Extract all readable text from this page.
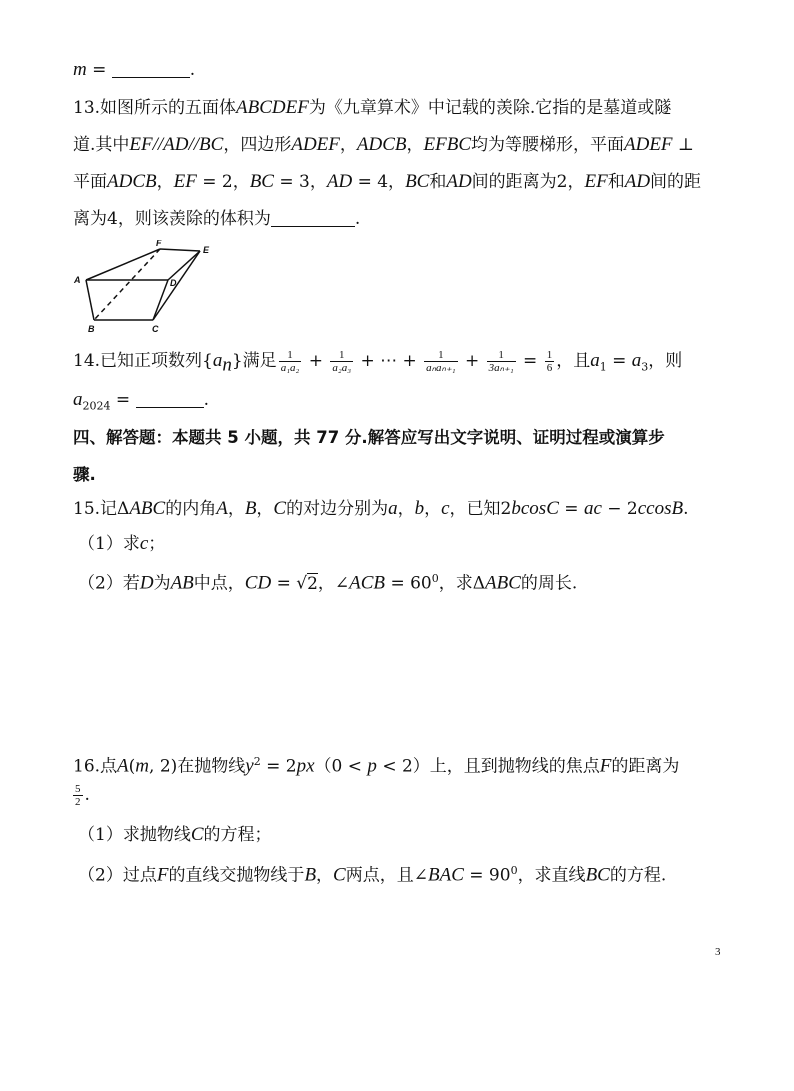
m =	.
13.如图所示的五面体ABCDEF为《九章算术》中记载的羡除.它指的是墓道或隧
道.其中EF//AD//BC，四边形ADEF，ADCB，EFBC均为等腰梯形，平面ADEF ⊥
平面ADCB，EF = 2，BC = 3，AD = 4，BC和AD间的距离为2，EF和AD间的距
离为4，则该羡除的体积为	.
F
E
A	D
B	C
14.已知正项数列$\{a_n\}$满足 $\frac{1}{\text{a₁a₂}} + \frac{1}{\text{a₂a₃}}$ + ⋯ + $\frac{1}{\text{aₙaₙ₊₁}} + \frac{1}{\text{3aₙ₊₁}} = \frac{1}{6}$ ，且$a_1 = a_3$，则
$a_{2024}$ =	.
四、解答题：本题共 5 小题，共 77 分.解答应写出文字说明、证明过程或演算步
骤.
15.记ΔABC的内角A，B，C的对边分别为a，b，c，已知2bcosC = ac − 2ccosB.
（1）求c；
（2）若D为AB中点，CD = √2，∠ACB = $60^0$，求ΔABC的周长.
16.点A(m, 2)在抛物线$y^2 = 2px(0 < p < 2)$上，且到抛物线的焦点F的距离为
$\frac{5}{2}$ .
（1）求抛物线C的方程；
（2）过点F的直线交抛物线于B，C两点，且∠BAC = $90^0$，求直线BC的方程.
3
